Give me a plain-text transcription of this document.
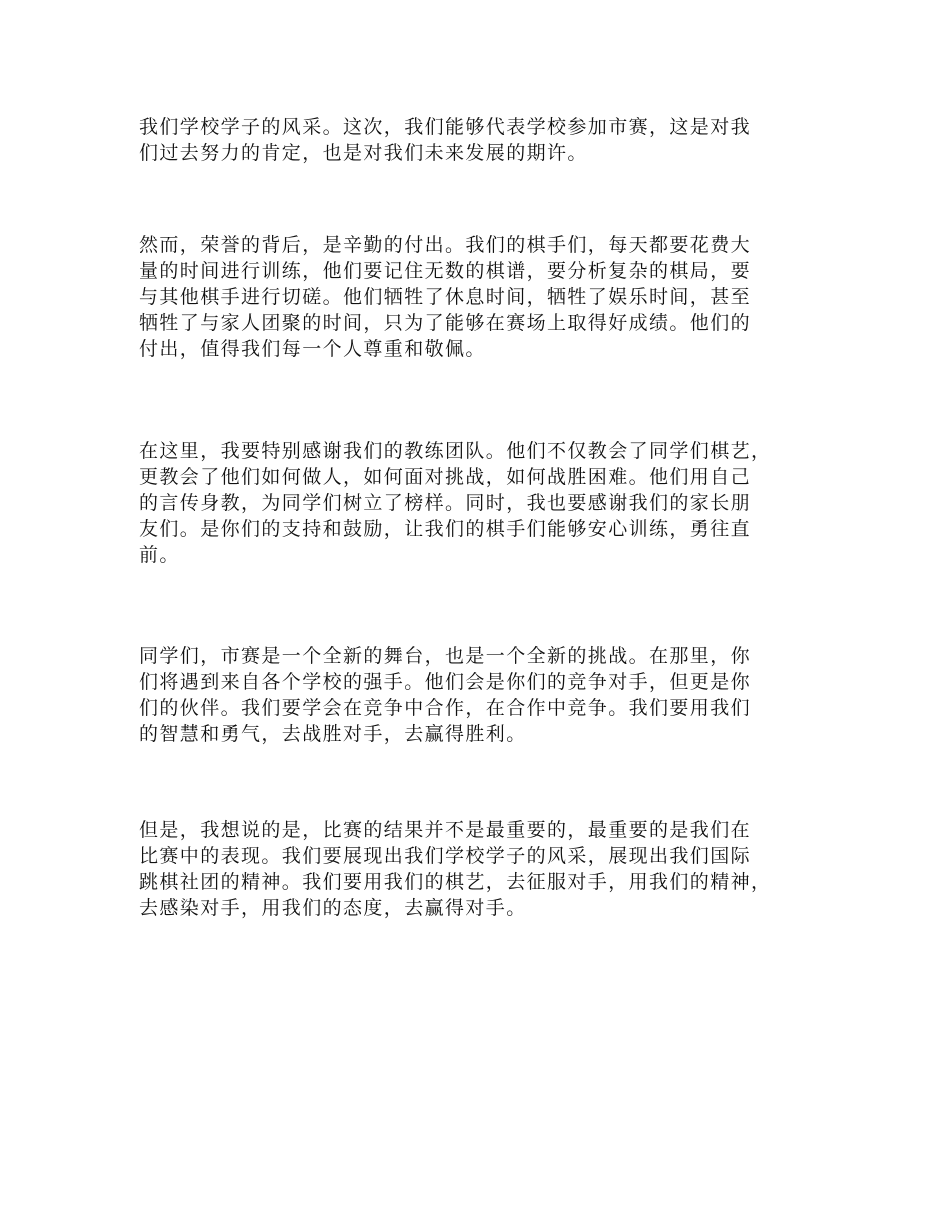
我们学校学子的风采。这次，我们能够代表学校参加市赛，这是对我
们过去努力的肯定，也是对我们未来发展的期许。
然而，荣誉的背后，是辛勤的付出。我们的棋手们，每天都要花费大
量的时间进行训练，他们要记住无数的棋谱，要分析复杂的棋局，要
与其他棋手进行切磋。他们牺牲了休息时间，牺牲了娱乐时间，甚至
牺牲了与家人团聚的时间，只为了能够在赛场上取得好成绩。他们的
付出，值得我们每一个人尊重和敬佩。
在这里，我要特别感谢我们的教练团队。他们不仅教会了同学们棋艺，
更教会了他们如何做人，如何面对挑战，如何战胜困难。他们用自己
的言传身教，为同学们树立了榜样。同时，我也要感谢我们的家长朋
友们。是你们的支持和鼓励，让我们的棋手们能够安心训练，勇往直
前。
同学们，市赛是一个全新的舞台，也是一个全新的挑战。在那里，你
们将遇到来自各个学校的强手。他们会是你们的竞争对手，但更是你
们的伙伴。我们要学会在竞争中合作，在合作中竞争。我们要用我们
的智慧和勇气，去战胜对手，去赢得胜利。
但是，我想说的是，比赛的结果并不是最重要的，最重要的是我们在
比赛中的表现。我们要展现出我们学校学子的风采，展现出我们国际
跳棋社团的精神。我们要用我们的棋艺，去征服对手，用我们的精神，
去感染对手，用我们的态度，去赢得对手。
